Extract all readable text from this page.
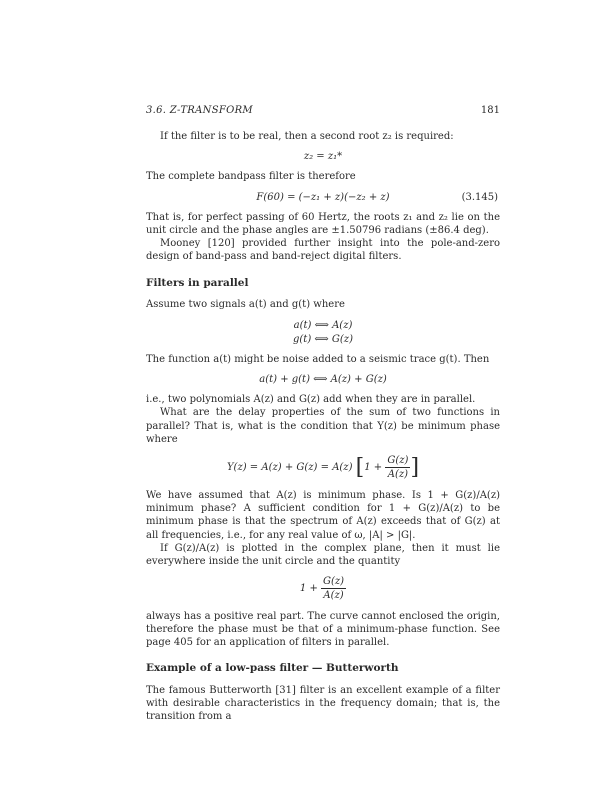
3.6. Z-TRANSFORM	181

If the filter is to be real, then a second root z₂ is required:

z₂ = z₁*

The complete bandpass filter is therefore

F(60) = (−z₁ + z)(−z₂ + z)	(3.145)

That is, for perfect passing of 60 Hertz, the roots z₁ and z₂ lie on the unit circle and the phase angles are ±1.50796 radians (±86.4 deg).

Mooney [120] provided further insight into the pole-and-zero design of band-pass and band-reject digital filters.

Filters in parallel

Assume two signals a(t) and g(t) where

a(t) ⟺ A(z)
g(t) ⟺ G(z)

The function a(t) might be noise added to a seismic trace g(t). Then

a(t) + g(t) ⟺ A(z) + G(z)

i.e., two polynomials A(z) and G(z) add when they are in parallel.

What are the delay properties of the sum of two functions in parallel? That is, what is the condition that Y(z) be minimum phase where

Y(z) = A(z) + G(z) = A(z) [$1 + \frac{G(z)}{A(z)}$ ]

We have assumed that A(z) is minimum phase. Is 1 + G(z)/A(z) minimum phase? A sufficient condition for 1 + G(z)/A(z) to be minimum phase is that the spectrum of A(z) exceeds that of G(z) at all frequencies, i.e., for any real value of ω, |A| > |G|.

If G(z)/A(z) is plotted in the complex plane, then it must lie everywhere inside the unit circle and the quantity

$1 + \frac{G(z)}{A(z)}$

always has a positive real part. The curve cannot enclosed the origin, therefore the phase must be that of a minimum-phase function. See page 405 for an application of filters in parallel.

Example of a low-pass filter — Butterworth

The famous Butterworth [31] filter is an excellent example of a filter with desirable characteristics in the frequency domain; that is, the transition from a
